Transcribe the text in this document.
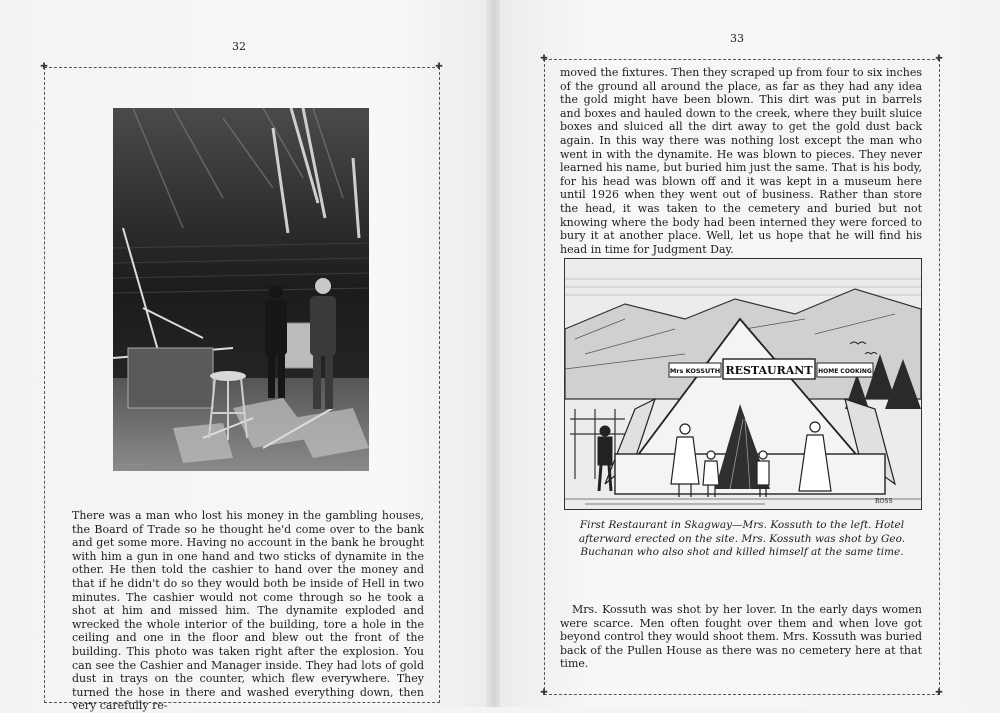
32
✚	✚
· · · · · · · · ·

There was a man who lost his money in the gambling houses, the Board of Trade so he thought he'd come over to the bank and get some more. Having no account in the bank he brought with him a gun in one hand and two sticks of dynamite in the other. He then told the cashier to hand over the money and that if he didn't do so they would both be inside of Hell in two minutes. The cashier would not come through so he took a shot at him and missed him. The dynamite exploded and wrecked the whole interior of the building, tore a hole in the ceiling and one in the floor and blew out the front of the building. This photo was taken right after the explosion. You can see the Cashier and Manager inside. They had lots of gold dust in trays on the counter, which flew everywhere. They turned the hose in there and washed everything down, then very carefully re-

33
✚	✚
✚	✚

moved the fixtures. Then they scraped up from four to six inches of the ground all around the place, as far as they had any idea the gold might have been blown. This dirt was put in barrels and boxes and hauled down to the creek, where they built sluice boxes and sluiced all the dirt away to get the gold dust back again. In this way there was nothing lost except the man who went in with the dynamite. He was blown to pieces. They never learned his name, but buried him just the same. That is his body, for his head was blown off and it was kept in a museum here until 1926 when they went out of business. Rather than store the head, it was taken to the cemetery and buried but not knowing where the body had been interned they were forced to bury it at another place. Well, let us hope that he will find his head in time for Judgment Day.

Mrs KOSSUTH RESTAURANT HOME COOKING
ROSS

First Restaurant in Skagway—Mrs. Kossuth to the left. Hotel afterward erected on the site. Mrs. Kossuth was shot by Geo. Buchanan who also shot and killed himself at the same time.

Mrs. Kossuth was shot by her lover. In the early days women were scarce. Men often fought over them and when love got beyond control they would shoot them. Mrs. Kossuth was buried back of the Pullen House as there was no cemetery here at that time.
